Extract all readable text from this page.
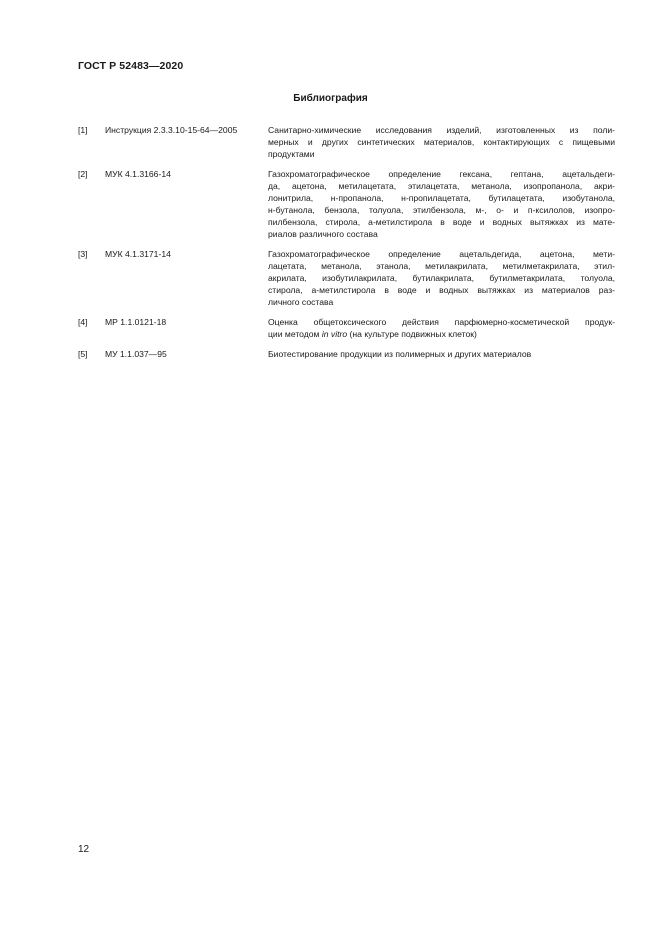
ГОСТ Р 52483—2020
Библиография
[1]	Инструкция 2.3.3.10-15-64—2005	Санитарно-химические исследования изделий, изготовленных из поли-
мерных и других синтетических материалов, контактирующих с пищевыми
продуктами
[2]	МУК 4.1.3166-14	Газохроматографическое определение гексана, гептана, ацетальдеги-
да, ацетона, метилацетата, этилацетата, метанола, изопропанола, акри-
лонитрила, н-пропанола, н-пропилацетата, бутилацетата, изобутанола,
н-бутанола, бензола, толуола, этилбензола, м-, о- и п-ксилолов, изопро-
пилбензола, стирола, а-метилстирола в воде и водных вытяжках из мате-
риалов различного состава
[3]	МУК 4.1.3171-14	Газохроматографическое определение ацетальдегида, ацетона, мети-
лацетата, метанола, этанола, метилакрилата, метилметакрилата, этил-
акрилата, изобутилакрилата, бутилакрилата, бутилметакрилата, толуола,
стирола, а-метилстирола в воде и водных вытяжках из материалов раз-
личного состава
[4]	МР 1.1.0121-18	Оценка общетоксического действия парфюмерно-косметической продук-
ции методом in vitro (на культуре подвижных клеток)
[5]	МУ 1.1.037—95	Биотестирование продукции из полимерных и других материалов
12
